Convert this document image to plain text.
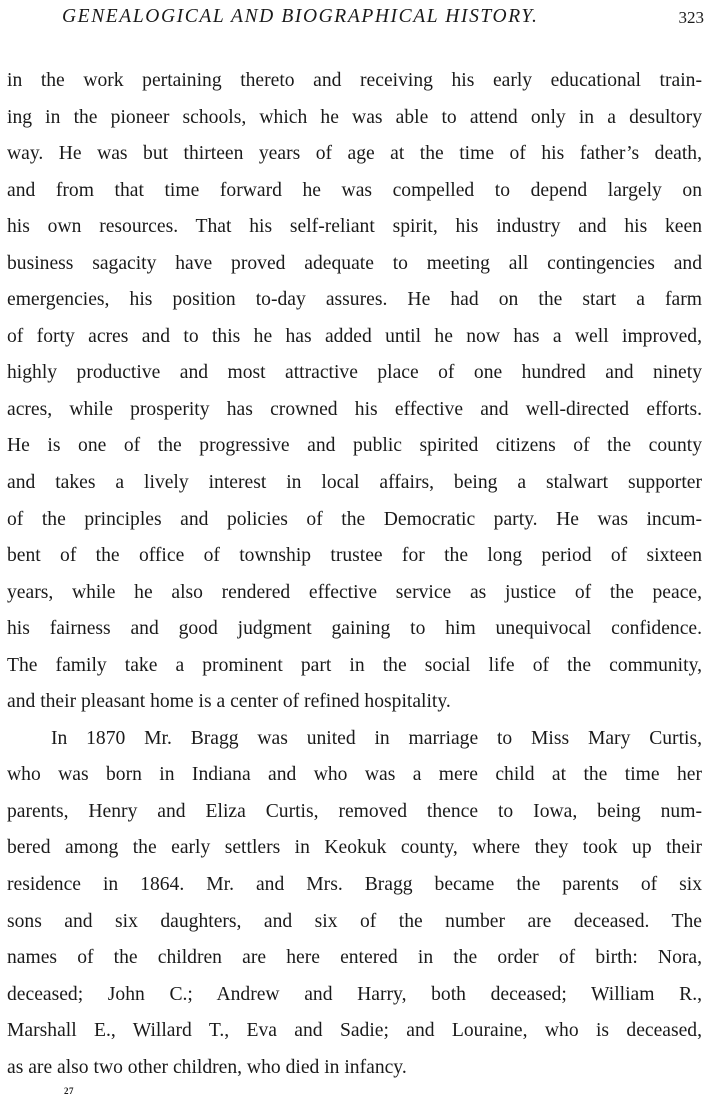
GENEALOGICAL AND BIOGRAPHICAL HISTORY.	323
in the work pertaining thereto and receiving his early educational train-
ing in the pioneer schools, which he was able to attend only in a desultory
way. He was but thirteen years of age at the time of his father’s death,
and from that time forward he was compelled to depend largely on
his own resources. That his self-reliant spirit, his industry and his keen
business sagacity have proved adequate to meeting all contingencies and
emergencies, his position to-day assures. He had on the start a farm
of forty acres and to this he has added until he now has a well improved,
highly productive and most attractive place of one hundred and ninety
acres, while prosperity has crowned his effective and well-directed efforts.
He is one of the progressive and public spirited citizens of the county
and takes a lively interest in local affairs, being a stalwart supporter
of the principles and policies of the Democratic party. He was incum-
bent of the office of township trustee for the long period of sixteen
years, while he also rendered effective service as justice of the peace,
his fairness and good judgment gaining to him unequivocal confidence.
The family take a prominent part in the social life of the community,
and their pleasant home is a center of refined hospitality.
In 1870 Mr. Bragg was united in marriage to Miss Mary Curtis,
who was born in Indiana and who was a mere child at the time her
parents, Henry and Eliza Curtis, removed thence to Iowa, being num-
bered among the early settlers in Keokuk county, where they took up their
residence in 1864. Mr. and Mrs. Bragg became the parents of six
sons and six daughters, and six of the number are deceased. The
names of the children are here entered in the order of birth: Nora,
deceased; John C.; Andrew and Harry, both deceased; William R.,
Marshall E., Willard T., Eva and Sadie; and Louraine, who is deceased,
as are also two other children, who died in infancy.
27
